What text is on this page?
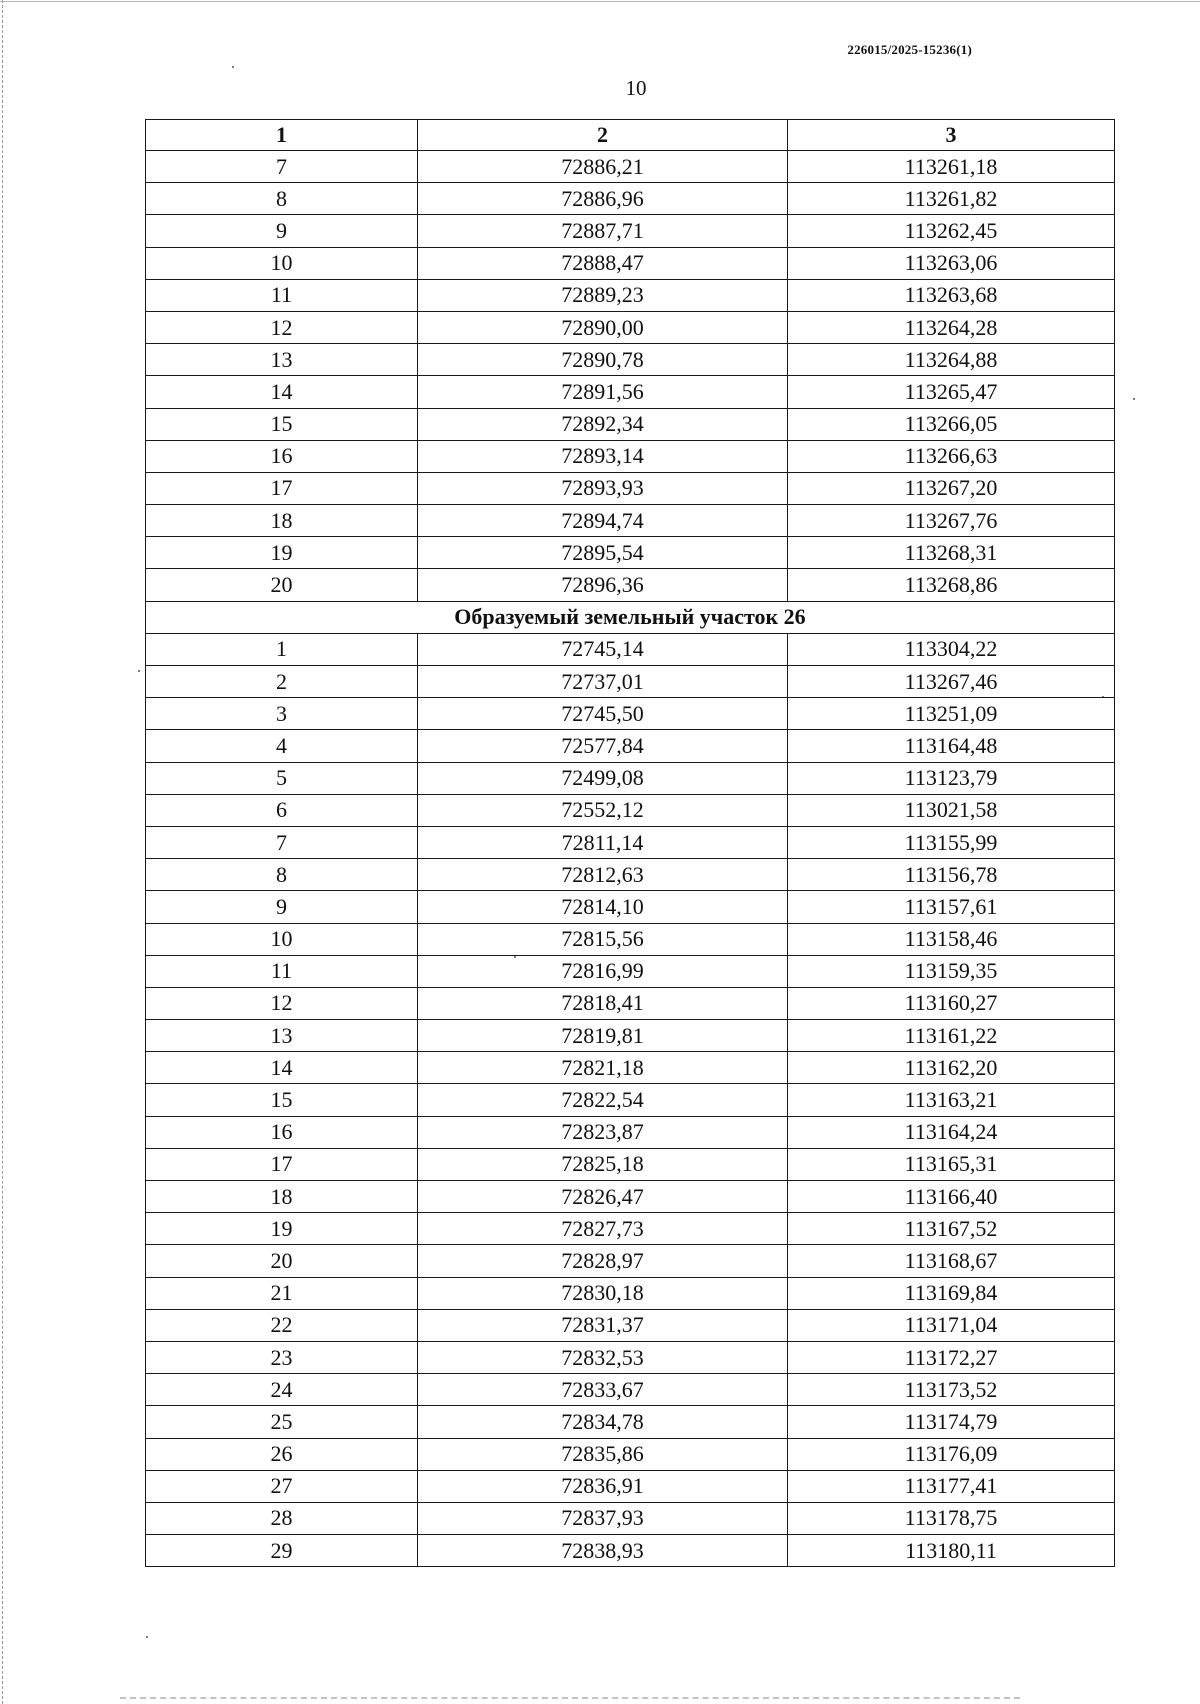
226015/2025-15236(1)
10
1	2	3
7	72886,21	113261,18
8	72886,96	113261,82
9	72887,71	113262,45
10	72888,47	113263,06
11	72889,23	113263,68
12	72890,00	113264,28
13	72890,78	113264,88
14	72891,56	113265,47
15	72892,34	113266,05
16	72893,14	113266,63
17	72893,93	113267,20
18	72894,74	113267,76
19	72895,54	113268,31
20	72896,36	113268,86
Образуемый земельный участок 26		
1	72745,14	113304,22
2	72737,01	113267,46
3	72745,50	113251,09
4	72577,84	113164,48
5	72499,08	113123,79
6	72552,12	113021,58
7	72811,14	113155,99
8	72812,63	113156,78
9	72814,10	113157,61
10	72815,56	113158,46
11	72816,99	113159,35
12	72818,41	113160,27
13	72819,81	113161,22
14	72821,18	113162,20
15	72822,54	113163,21
16	72823,87	113164,24
17	72825,18	113165,31
18	72826,47	113166,40
19	72827,73	113167,52
20	72828,97	113168,67
21	72830,18	113169,84
22	72831,37	113171,04
23	72832,53	113172,27
24	72833,67	113173,52
25	72834,78	113174,79
26	72835,86	113176,09
27	72836,91	113177,41
28	72837,93	113178,75
29	72838,93	113180,11
